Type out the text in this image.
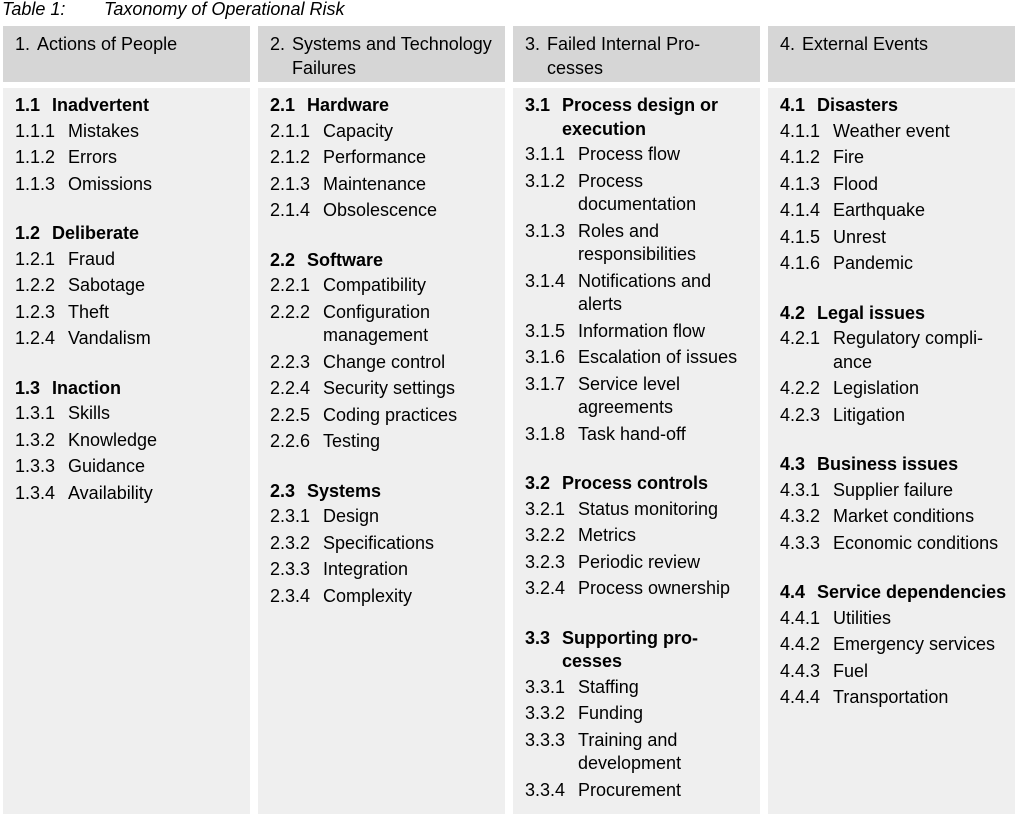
Table 1: Taxonomy of Operational Risk
1. Actions of People
1.1 Inadvertent
1.1.1 Mistakes
1.1.2 Errors
1.1.3 Omissions
1.2 Deliberate
1.2.1 Fraud
1.2.2 Sabotage
1.2.3 Theft
1.2.4 Vandalism
1.3 Inaction
1.3.1 Skills
1.3.2 Knowledge
1.3.3 Guidance
1.3.4 Availability
2. Systems and Technology Failures
2.1 Hardware
2.1.1 Capacity
2.1.2 Performance
2.1.3 Maintenance
2.1.4 Obsolescence
2.2 Software
2.2.1 Compatibility
2.2.2 Configuration management
2.2.3 Change control
2.2.4 Security settings
2.2.5 Coding practices
2.2.6 Testing
2.3 Systems
2.3.1 Design
2.3.2 Specifications
2.3.3 Integration
2.3.4 Complexity
3. Failed Internal Pro-cesses
3.1 Process design or execution
3.1.1 Process flow
3.1.2 Process documentation
3.1.3 Roles and responsibilities
3.1.4 Notifications and alerts
3.1.5 Information flow
3.1.6 Escalation of issues
3.1.7 Service level agreements
3.1.8 Task hand-off
3.2 Process controls
3.2.1 Status monitoring
3.2.2 Metrics
3.2.3 Periodic review
3.2.4 Process ownership
3.3 Supporting pro-cesses
3.3.1 Staffing
3.3.2 Funding
3.3.3 Training and development
3.3.4 Procurement
4. External Events
4.1 Disasters
4.1.1 Weather event
4.1.2 Fire
4.1.3 Flood
4.1.4 Earthquake
4.1.5 Unrest
4.1.6 Pandemic
4.2 Legal issues
4.2.1 Regulatory compli-ance
4.2.2 Legislation
4.2.3 Litigation
4.3 Business issues
4.3.1 Supplier failure
4.3.2 Market conditions
4.3.3 Economic conditions
4.4 Service dependencies
4.4.1 Utilities
4.4.2 Emergency services
4.4.3 Fuel
4.4.4 Transportation
